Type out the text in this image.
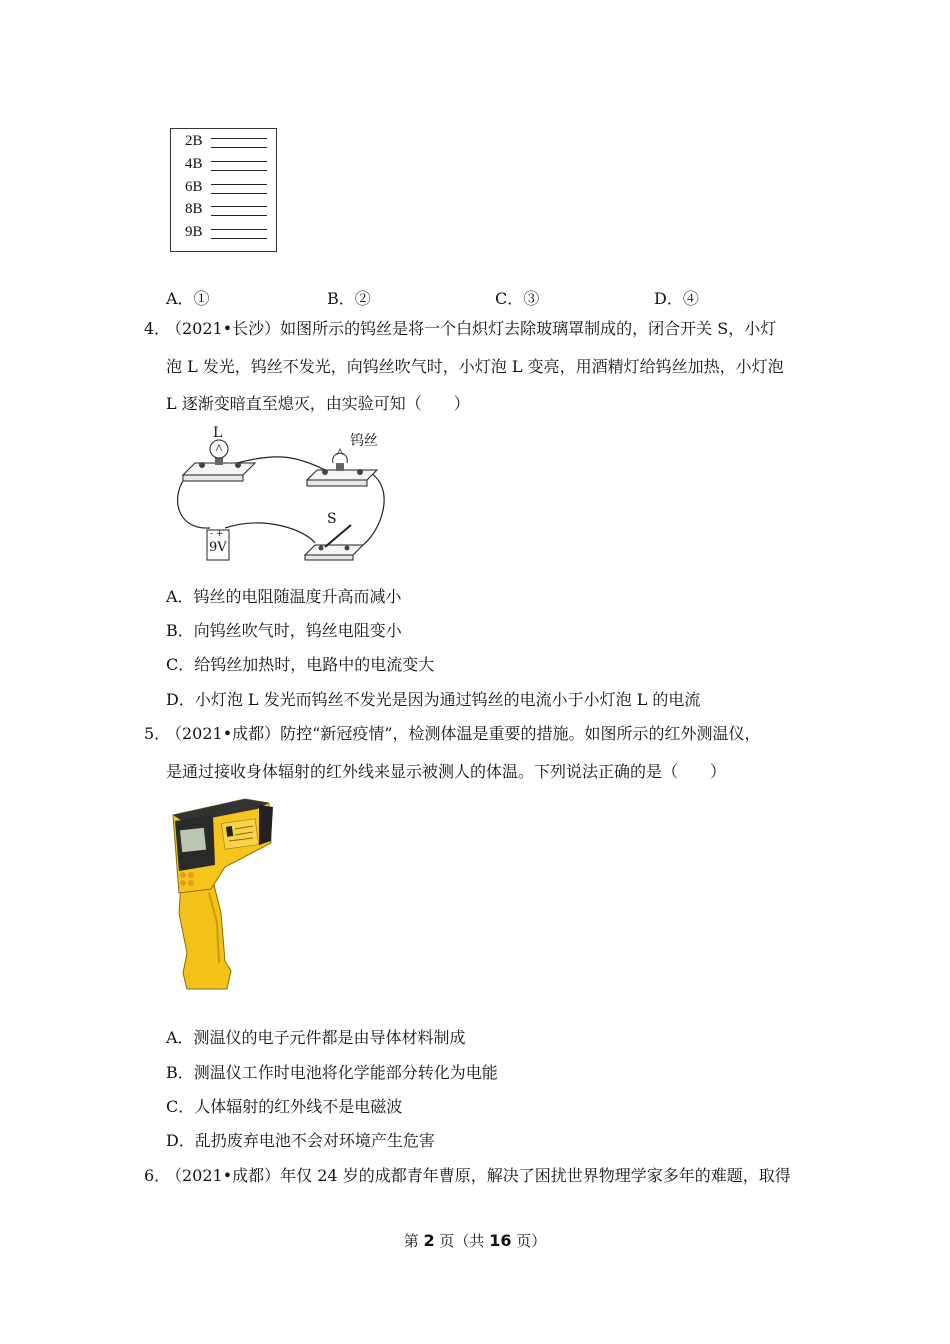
2B
4B
6B
8B
9B
A．①	B．②	C．③	D．④
4．
（2021•长沙）如图所示的钨丝是将一个白炽灯去除玻璃罩制成的，闭合开关 S，小灯
泡 L 发光，钨丝不发光，向钨丝吹气时，小灯泡 L 变亮，用酒精灯给钨丝加热，小灯泡
L 逐渐变暗直至熄灭，由实验可知（　　）
L	钨丝
S
- +
9V
A．钨丝的电阻随温度升高而减小
B．向钨丝吹气时，钨丝电阻变小
C．给钨丝加热时，电路中的电流变大
D．小灯泡 L 发光而钨丝不发光是因为通过钨丝的电流小于小灯泡 L 的电流
5．
（2021•成都）防控“新冠疫情”，检测体温是重要的措施。如图所示的红外测温仪，
是通过接收身体辐射的红外线来显示被测人的体温。下列说法正确的是（　　）
A．测温仪的电子元件都是由导体材料制成
B．测温仪工作时电池将化学能部分转化为电能
C．人体辐射的红外线不是电磁波
D．乱扔废弃电池不会对环境产生危害
6．
（2021•成都）年仅 24 岁的成都青年曹原，解决了困扰世界物理学家多年的难题，取得
第 2 页（共 16 页）
